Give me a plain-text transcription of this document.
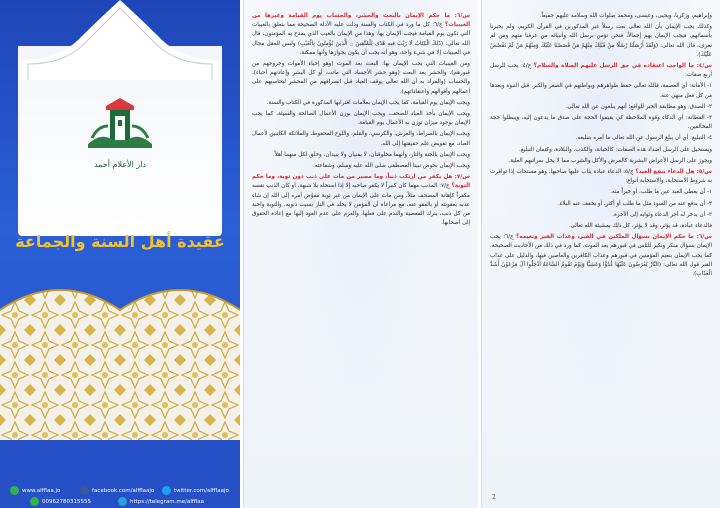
دار الأعلام أحمد
مختصر
عقيدة أهل السنة والجماعة
www.alfflaa.jo	facebook.com/alfflaajo	twitter.com/alfflaajo
00962780315555	https://telegram.me/alfflaa
س/٦: ما حكم الإيمان بالبعث والحشر، والحساب يوم القيامة وغيرها من الغيبيات؟ ج/٦: كل ما ورد في الكتاب والسنة ودلت عليه الأدلة الصحيحة مما يتعلق بالغيبات التي تكون يوم القيامة فيجب الإيمان بها، وهذا من الإيمان بالغيب الذي يمدح به المؤمنون، قال الله تعالى: (ذَلِكَ الْكِتَابُ لَا رَيْبَ فِيهِ هُدًى لِلْمُتَّقِينَ ۝ الَّذِينَ يُؤْمِنُونَ بِالْغَيْبِ) وليس للعقل مجال في الغيبيات إلا في شيء واحد، وهو أنه يجب أن يكون بجوازها وأنها ممكنة.
ومن الغيبيات التي يجب الإيمان بها: البعث بعد الموت (وهو إحياء الأموات وخروجهم من قبورهم)، والحشر بعد البعث (وهو حشر الأجساد التي ماتت، أو كل البشر وإعادتهم أحياء)، والحساب (والمراد به أن الله تعالى يوقف العباد قبل انصرافهم من المحشر ليحاسبهم على أعمالهم وأقوالهم واعتقاداتهم).
ويجب الإيمان يوم القيامة، كما يجب الإيمان بعلامات اقترابها المذكورة في الكتاب والسنة.
ويجب الإيمان بأخذ العباد للصحف، ويجب الإيمان بوزن الأعمال الصالحة والسيئة، كما يجب الإيمان بوجود ميزان توزن به الأعمال يوم القيامة.
ويجب الإيمان بالصراط، والعرش، والكرسي، والقلم، واللوح المحفوظ، والملائكة الكاتبين لأعمال العباد، مع تفويض علم حقيقتها إلى الله.
ويجب الإيمان بالجنة والنار، وأنهما مخلوقتان، لا يفنيان ولا يبيدان، وخلق لكل منهما أهلاً.
ويجب الإيمان بحوض نبينا المصطفى صلى الله عليه وسلم، وشفاعته.
س/٧: هل يكفر من ارتكب ذنباً، وما مصير من مات على ذنب دون توبة، وما حكم التوبة؟ ج/٧: المذنب مهما كان كبيراً لا يكفر صاحبه إلا إذا استحله بلا شبهة، أو كان الذنب نفسه مكفراً كإهانة المصحف مثلاً، ومن مات على الإيمان من غير توبة مفوّض أمره إلى الله إن شاء عذبه بعقوبته أو بالعفو عنه، مع مراعاة أن المؤمن لا يخلد في النار بسبب ذنوبه، والتوبة واجبة من كل ذنب، بترك المعصية والندم على فعلها، والعزم على عدم العود إليها مع إعادة الحقوق إلى أصحابها.
وإبراهيم، وزكريا، ويحيى، وعيسى، ومحمد صلوات الله وسلامه عليهم جميعاً.
وكذلك يجب الإيمان بأن الله تعالى بعث رسلاً غير المذكورين في القرآن الكريم، ولم يخبرنا بأسمائهم، فيجب الإيمان بهم إجمالاً، فنحن نؤمن برسل الله وأنبيائه من عرفنا منهم ومن لم نعرف، قال الله تعالى: (وَلَقَدْ أَرْسَلْنَا رُسُلًا مِنْ قَبْلِكَ مِنْهُمْ مَنْ قَصَصْنَا عَلَيْكَ وَمِنْهُمْ مَنْ لَمْ نَقْصُصْ عَلَيْكَ).
س/٤: ما الواجب اعتقاده في حق الرسل عليهم الصلاة والسلام؟ ج/٤: يجب للرسل أربع صفات:
١- الأمانة: أي العصمة، فالله تعالى حفظ ظواهرهم وبواطنهم في الصغر والكبر، قبل النبوة وبعدها من كل فعل منهي عنه.
٢- الصدق: وهو مطابقة الخبر للواقع؛ أنهم يبلغون عن الله تعالى.
٣- الفطانة: أي الذكاء وقوة الملاحظة كي يقيموا الحجة على صدق ما يدعون إليه، ويبطلوا حجة المخالفين.
٤- التبليغ: أي أن يبلغ الرسول عن الله تعالى ما أمره بتبليغه.
ويستحيل على الرسل أضداد هذه الصفات: كالخيانة، والكذب، والبلادة، وكتمان التبليغ.
ويجوز على الرسل الأعراض البشرية كالمرض والأكل والشرب مما لا يخل بمراتبهم العلية.
س/٥: هل الدعاء ينفع العبد؟ ج/٥: الدعاء عبادة يثاب عليها صاحبها، وهو مستجاب إذا توافرت به شروط الاستجابة، والاستجابة أنواع:
١- أن يعطى العبد عين ما طلب، أو خيراً منه.
٢- أن يدفع عنه من السوء مثل ما طلب أو أكثر، أو يخفف عنه البلاء.
٣- أن يدخر له أجر الدعاء وثوابه إلى الآخرة.
فالدعاء عبادة، قد يؤثر، وقد لا يؤثر، كل ذلك بمشيئة الله تعالى.
س/٦: ما حكم الإيمان بسؤال الملكين في القبر، وعذاب القبر ونعيمه؟ ج/٦: يجب الإيمان بسؤال منكر ونكير للناس في قبورهم بعد الموت، كما ورد في ذلك من الأحاديث الصحيحة، كما يجب الإيمان بنعيم المؤمنين في قبورهم وعذاب الكافرين والعاصين فيها، والدليل على عذاب القبر قول الله تعالى: (النَّارُ يُعْرَضُونَ عَلَيْهَا غُدُوًّا وَعَشِيًّا وَيَوْمَ تَقُومُ السَّاعَةُ أَدْخِلُوا آلَ فِرْعَوْنَ أَشَدَّ الْعَذَابِ).
2
